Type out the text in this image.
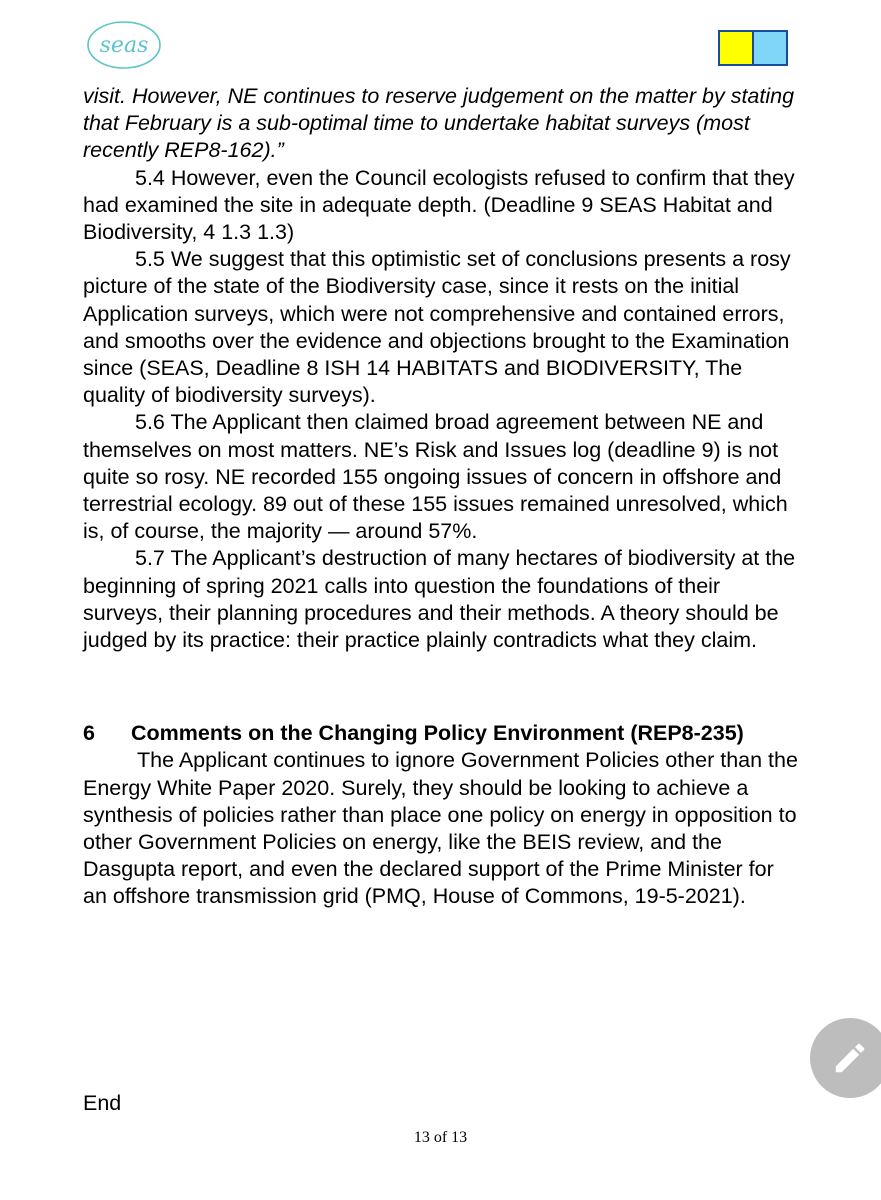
seas

visit. However, NE continues to reserve judgement on the matter by stating that February is a sub-optimal time to undertake habitat surveys (most recently REP8-162).”

5.4 However, even the Council ecologists refused to confirm that they had examined the site in adequate depth. (Deadline 9 SEAS Habitat and Biodiversity, 4 1.3 1.3)

5.5 We suggest that this optimistic set of conclusions presents a rosy picture of the state of the Biodiversity case, since it rests on the initial Application surveys, which were not comprehensive and contained errors, and smooths over the evidence and objections brought to the Examination since (SEAS, Deadline 8 ISH 14 HABITATS and BIODIVERSITY, The quality of biodiversity surveys).

5.6 The Applicant then claimed broad agreement between NE and themselves on most matters. NE’s Risk and Issues log (deadline 9) is not quite so rosy. NE recorded 155 ongoing issues of concern in offshore and terrestrial ecology. 89 out of these 155 issues remained unresolved, which is, of course, the majority — around 57%.

5.7 The Applicant’s destruction of many hectares of biodiversity at the beginning of spring 2021 calls into question the foundations of their surveys, their planning procedures and their methods. A theory should be judged by its practice: their practice plainly contradicts what they claim.

6 Comments on the Changing Policy Environment (REP8-235)

The Applicant continues to ignore Government Policies other than the Energy White Paper 2020. Surely, they should be looking to achieve a synthesis of policies rather than place one policy on energy in opposition to other Government Policies on energy, like the BEIS review, and the Dasgupta report, and even the declared support of the Prime Minister for an offshore transmission grid (PMQ, House of Commons, 19-5-2021).

End

13 of 13
